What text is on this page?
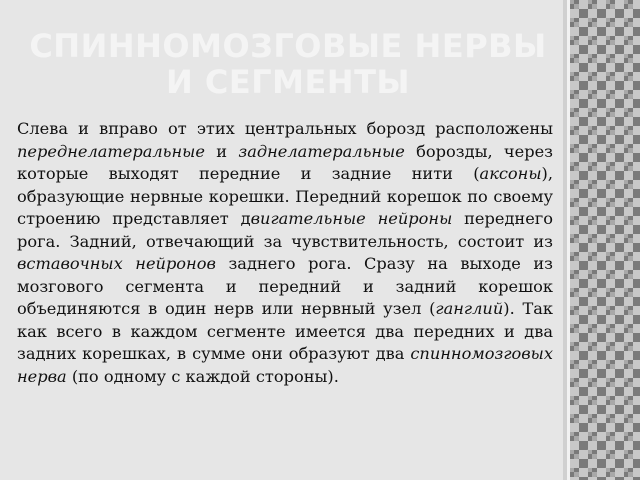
СПИННОМОЗГОВЫЕ НЕРВЫ И СЕГМЕНТЫ

Слева и вправо от этих центральных борозд расположены переднелатеральные и заднелатеральные борозды, через которые выходят передние и задние нити (аксоны), образующие нервные корешки. Передний корешок по своему строению представляет двигательные нейроны переднего рога. Задний, отвечающий за чувствительность, состоит из вставочных нейронов заднего рога. Сразу на выходе из мозгового сегмента и передний и задний корешок объединяются в один нерв или нервный узел (ганглий). Так как всего в каждом сегменте имеется два передних и два задних корешках, в сумме они образуют два спинномозговых нерва (по одному с каждой стороны).
